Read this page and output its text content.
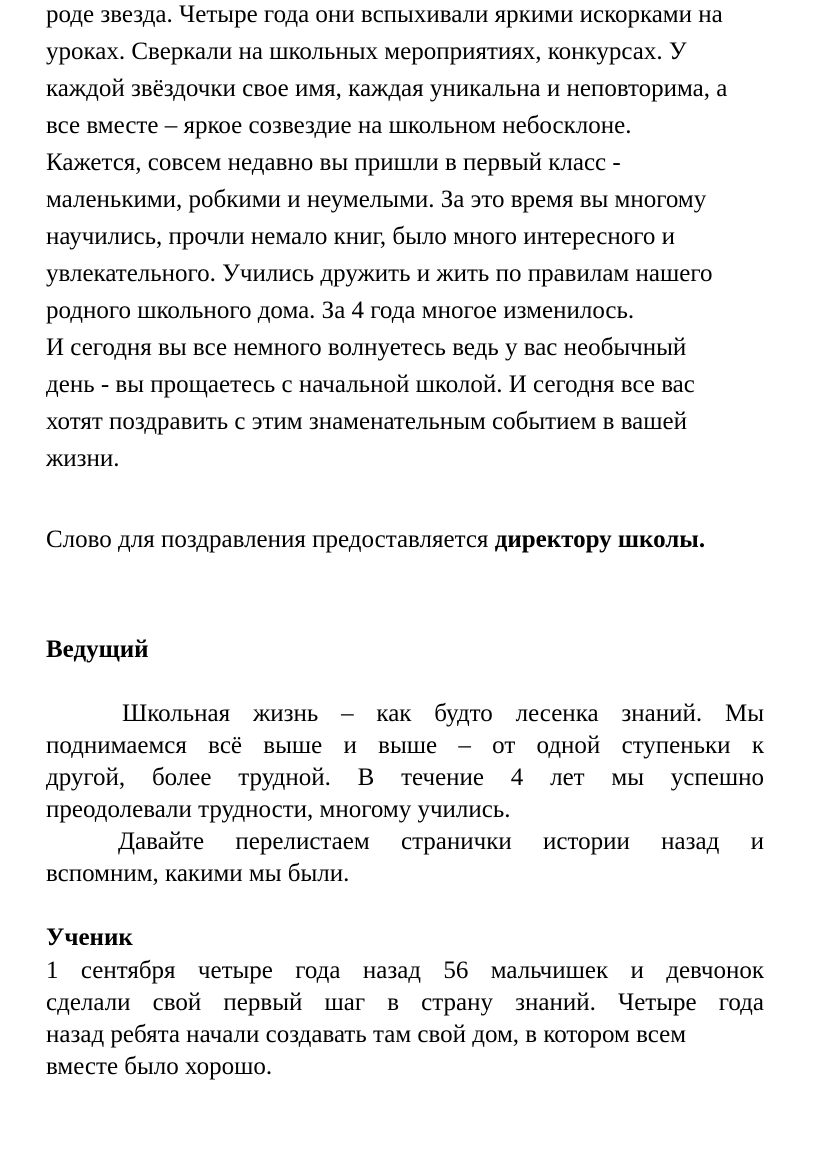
роде звезда. Четыре года они вспыхивали яркими искорками на
уроках. Сверкали на школьных мероприятиях, конкурсах. У
каждой звёздочки свое имя, каждая уникальна и неповторима, а
все вместе – яркое созвездие на школьном небосклоне.
Кажется, совсем недавно вы пришли в первый класс -
маленькими, робкими и неумелыми. За это время вы многому
научились, прочли немало книг, было много интересного и
увлекательного. Учились дружить и жить по правилам нашего
родного школьного дома. За 4 года многое изменилось.
И сегодня вы все немного волнуетесь ведь у вас необычный
день - вы прощаетесь с начальной школой. И сегодня все вас
хотят поздравить с этим знаменательным событием в вашей
жизни.
Слово для поздравления предоставляется директору школы.
Ведущий
Школьная жизнь – как будто лесенка знаний. Мы
поднимаемся всё выше и выше – от одной ступеньки к
другой, более трудной. В течение 4 лет мы успешно
преодолевали трудности, многому учились.
Давайте перелистаем странички истории назад и
вспомним, какими мы были.
Ученик
1 сентября четыре года назад 56 мальчишек и девчонок
сделали свой первый шаг в страну знаний. Четыре года
назад ребята начали создавать там свой дом, в котором всем
вместе было хорошо.
